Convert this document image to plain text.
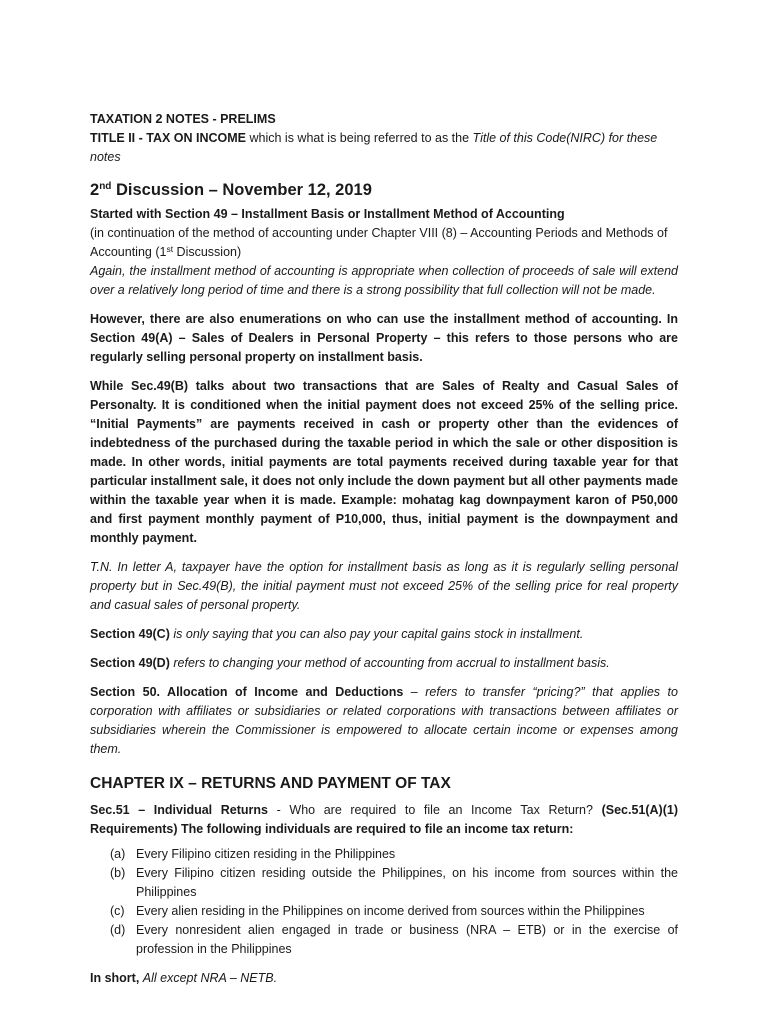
TAXATION 2 NOTES - PRELIMS

TITLE II - TAX ON INCOME which is what is being referred to as the Title of this Code(NIRC) for these notes

2nd Discussion – November 12, 2019

Started with Section 49 – Installment Basis or Installment Method of Accounting

(in continuation of the method of accounting under Chapter VIII (8) – Accounting Periods and Methods of Accounting (1st Discussion)

Again, the installment method of accounting is appropriate when collection of proceeds of sale will extend over a relatively long period of time and there is a strong possibility that full collection will not be made.

However, there are also enumerations on who can use the installment method of accounting. In Section 49(A) – Sales of Dealers in Personal Property – this refers to those persons who are regularly selling personal property on installment basis.

While Sec.49(B) talks about two transactions that are Sales of Realty and Casual Sales of Personalty. It is conditioned when the initial payment does not exceed 25% of the selling price. “Initial Payments” are payments received in cash or property other than the evidences of indebtedness of the purchased during the taxable period in which the sale or other disposition is made. In other words, initial payments are total payments received during taxable year for that particular installment sale, it does not only include the down payment but all other payments made within the taxable year when it is made. Example: mohatag kag downpayment karon of P50,000 and first payment monthly payment of P10,000, thus, initial payment is the downpayment and monthly payment.

T.N. In letter A, taxpayer have the option for installment basis as long as it is regularly selling personal property but in Sec.49(B), the initial payment must not exceed 25% of the selling price for real property and casual sales of personal property.

Section 49(C) is only saying that you can also pay your capital gains stock in installment.

Section 49(D) refers to changing your method of accounting from accrual to installment basis.

Section 50. Allocation of Income and Deductions – refers to transfer “pricing?” that applies to corporation with affiliates or subsidiaries or related corporations with transactions between affiliates or subsidiaries wherein the Commissioner is empowered to allocate certain income or expenses among them.

CHAPTER IX – RETURNS AND PAYMENT OF TAX

Sec.51 – Individual Returns - Who are required to file an Income Tax Return? (Sec.51(A)(1) Requirements) The following individuals are required to file an income tax return:

(a) Every Filipino citizen residing in the Philippines
(b) Every Filipino citizen residing outside the Philippines, on his income from sources within the Philippines
(c) Every alien residing in the Philippines on income derived from sources within the Philippines
(d) Every nonresident alien engaged in trade or business (NRA – ETB) or in the exercise of profession in the Philippines

In short, All except NRA – NETB.
